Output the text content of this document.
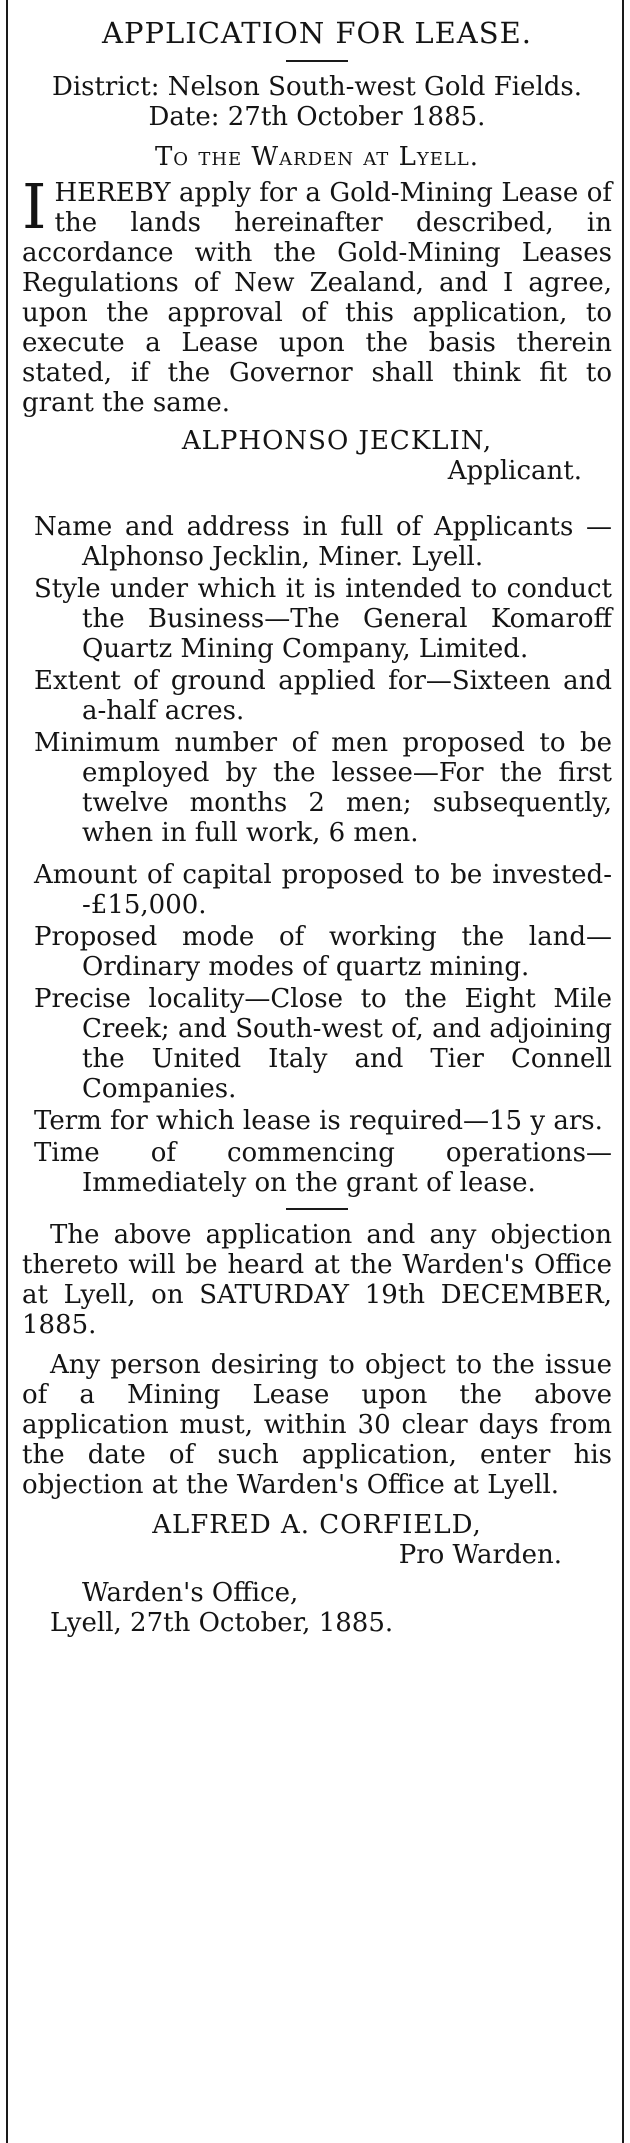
APPLICATION FOR LEASE.
District: Nelson South-west Gold Fields.
Date: 27th October 1885.
To the Warden at Lyell.
I HEREBY apply for a Gold-Mining Lease of the lands hereinafter described, in accordance with the Gold-Mining Leases Regulations of New Zealand, and I agree, upon the approval of this application, to execute a Lease upon the basis therein stated, if the Governor shall think fit to grant the same.
ALPHONSO JECKLIN,
Applicant.
Name and address in full of Applicants —Alphonso Jecklin, Miner. Lyell.
Style under which it is intended to conduct the Business—The General Komaroff Quartz Mining Company, Limited.
Extent of ground applied for—Sixteen and a-half acres.
Minimum number of men proposed to be employed by the lessee—For the first twelve months 2 men; subsequently, when in full work, 6 men.
Amount of capital proposed to be invested- -£15,000.
Proposed mode of working the land— Ordinary modes of quartz mining.
Precise locality—Close to the Eight Mile Creek; and South-west of, and adjoining the United Italy and Tier Connell Companies.
Term for which lease is required—15 y ars.
Time of commencing operations—Immediately on the grant of lease.
The above application and any objection thereto will be heard at the Warden's Office at Lyell, on SATURDAY 19th DECEMBER, 1885.
Any person desiring to object to the issue of a Mining Lease upon the above application must, within 30 clear days from the date of such application, enter his objection at the Warden's Office at Lyell.
ALFRED A. CORFIELD,
Pro Warden.
Warden's Office,
Lyell, 27th October, 1885.
